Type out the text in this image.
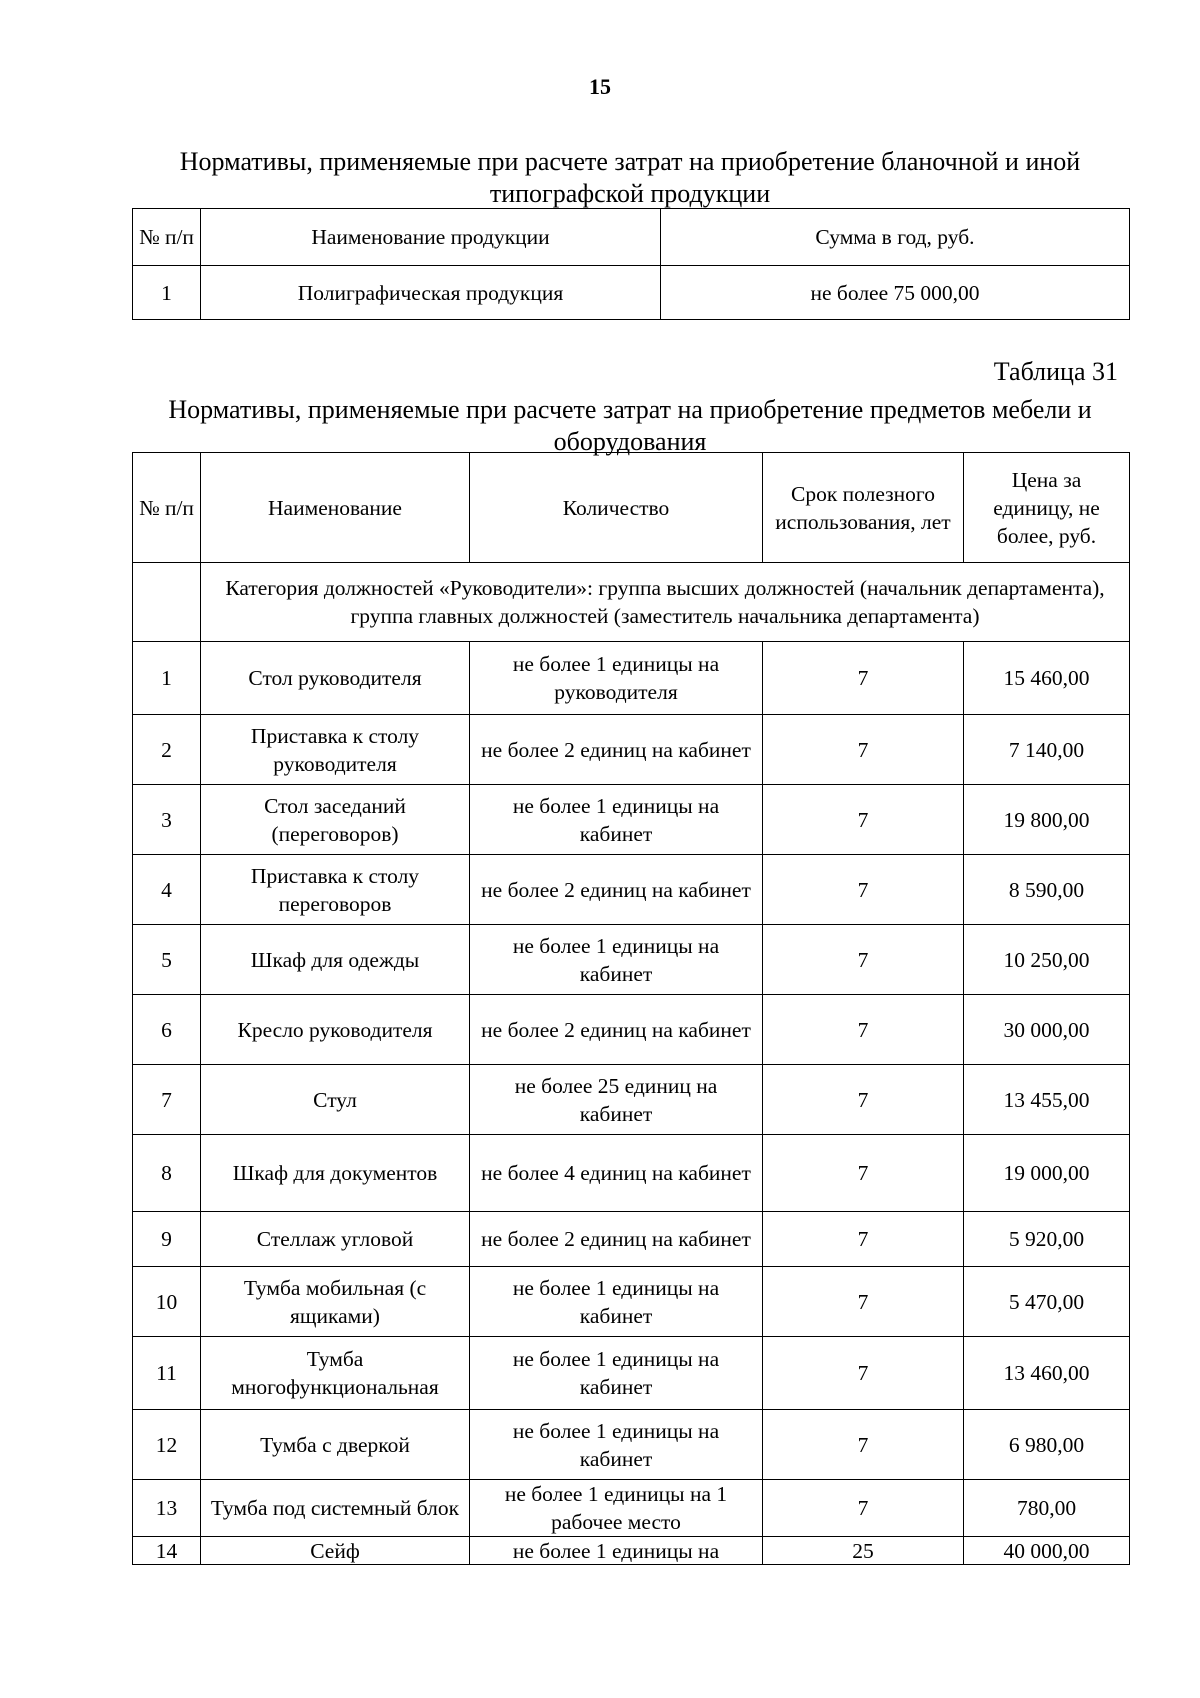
15
Нормативы, применяемые при расчете затрат на приобретение бланочной и иной типографской продукции
№ п/п	Наименование продукции	Сумма в год, руб.
1	Полиграфическая продукция	не более 75 000,00
Таблица 31
Нормативы, применяемые при расчете затрат на приобретение предметов мебели и оборудования
№ п/п	Наименование	Количество	Срок полезного использования, лет	Цена за единицу, не более, руб.
	Категория должностей «Руководители»: группа высших должностей (начальник департамента), группа главных должностей (заместитель начальника департамента)			
1	Стол руководителя	не более 1 единицы на руководителя	7	15 460,00
2	Приставка к столу руководителя	не более 2 единиц на кабинет	7	7 140,00
3	Стол заседаний (переговоров)	не более 1 единицы на кабинет	7	19 800,00
4	Приставка к столу переговоров	не более 2 единиц на кабинет	7	8 590,00
5	Шкаф для одежды	не более 1 единицы на кабинет	7	10 250,00
6	Кресло руководителя	не более 2 единиц на кабинет	7	30 000,00
7	Стул	не более 25 единиц на кабинет	7	13 455,00
8	Шкаф для документов	не более 4 единиц на кабинет	7	19 000,00
9	Стеллаж угловой	не более 2 единиц на кабинет	7	5 920,00
10	Тумба мобильная (с ящиками)	не более 1 единицы на кабинет	7	5 470,00
11	Тумба многофункциональная	не более 1 единицы на кабинет	7	13 460,00
12	Тумба с дверкой	не более 1 единицы на кабинет	7	6 980,00
13	Тумба под системный блок	не более 1 единицы на 1 рабочее место	7	780,00
14	Сейф	не более 1 единицы на	25	40 000,00
